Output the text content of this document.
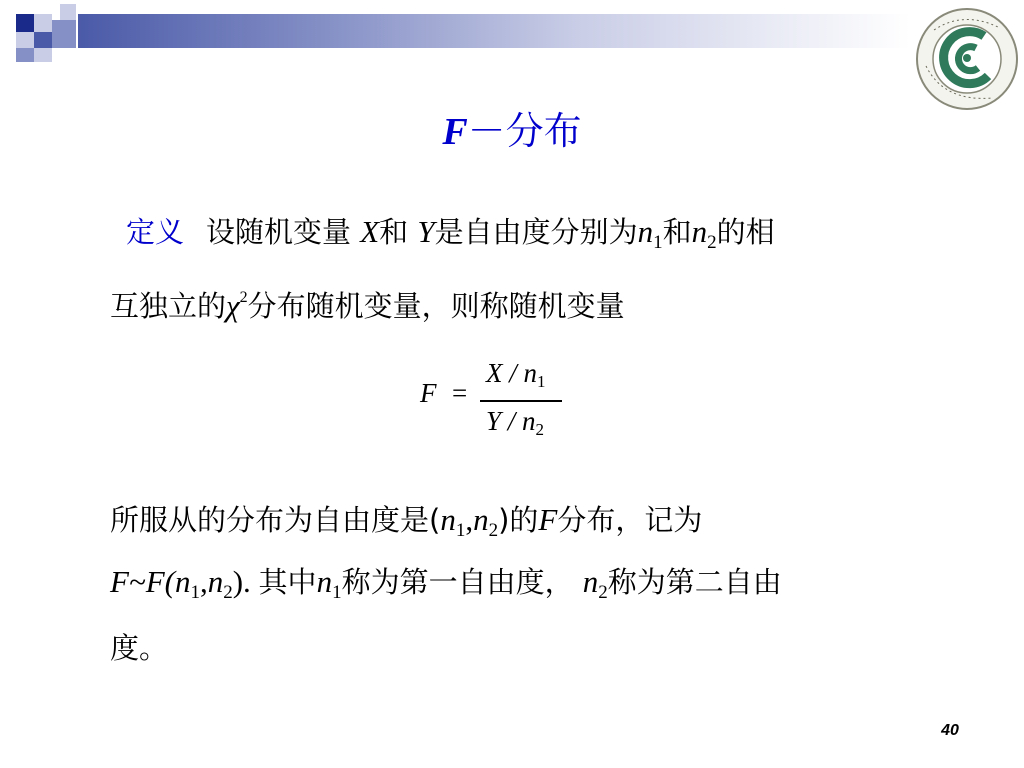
F－分布
定义 设随机变量 X和 Y是自由度分别为$n_1$和$n_2$的相
互独立的$\chi^2$分布随机变量，则称随机变量
F =
X / n1
Y / n2
所服从的分布为自由度是$(n_1,n_2)$的F分布，记为
$F\sim F(n_1,n_2)$. 其中$n_1$称为第一自由度， $n_2$称为第二自由
度。
40
